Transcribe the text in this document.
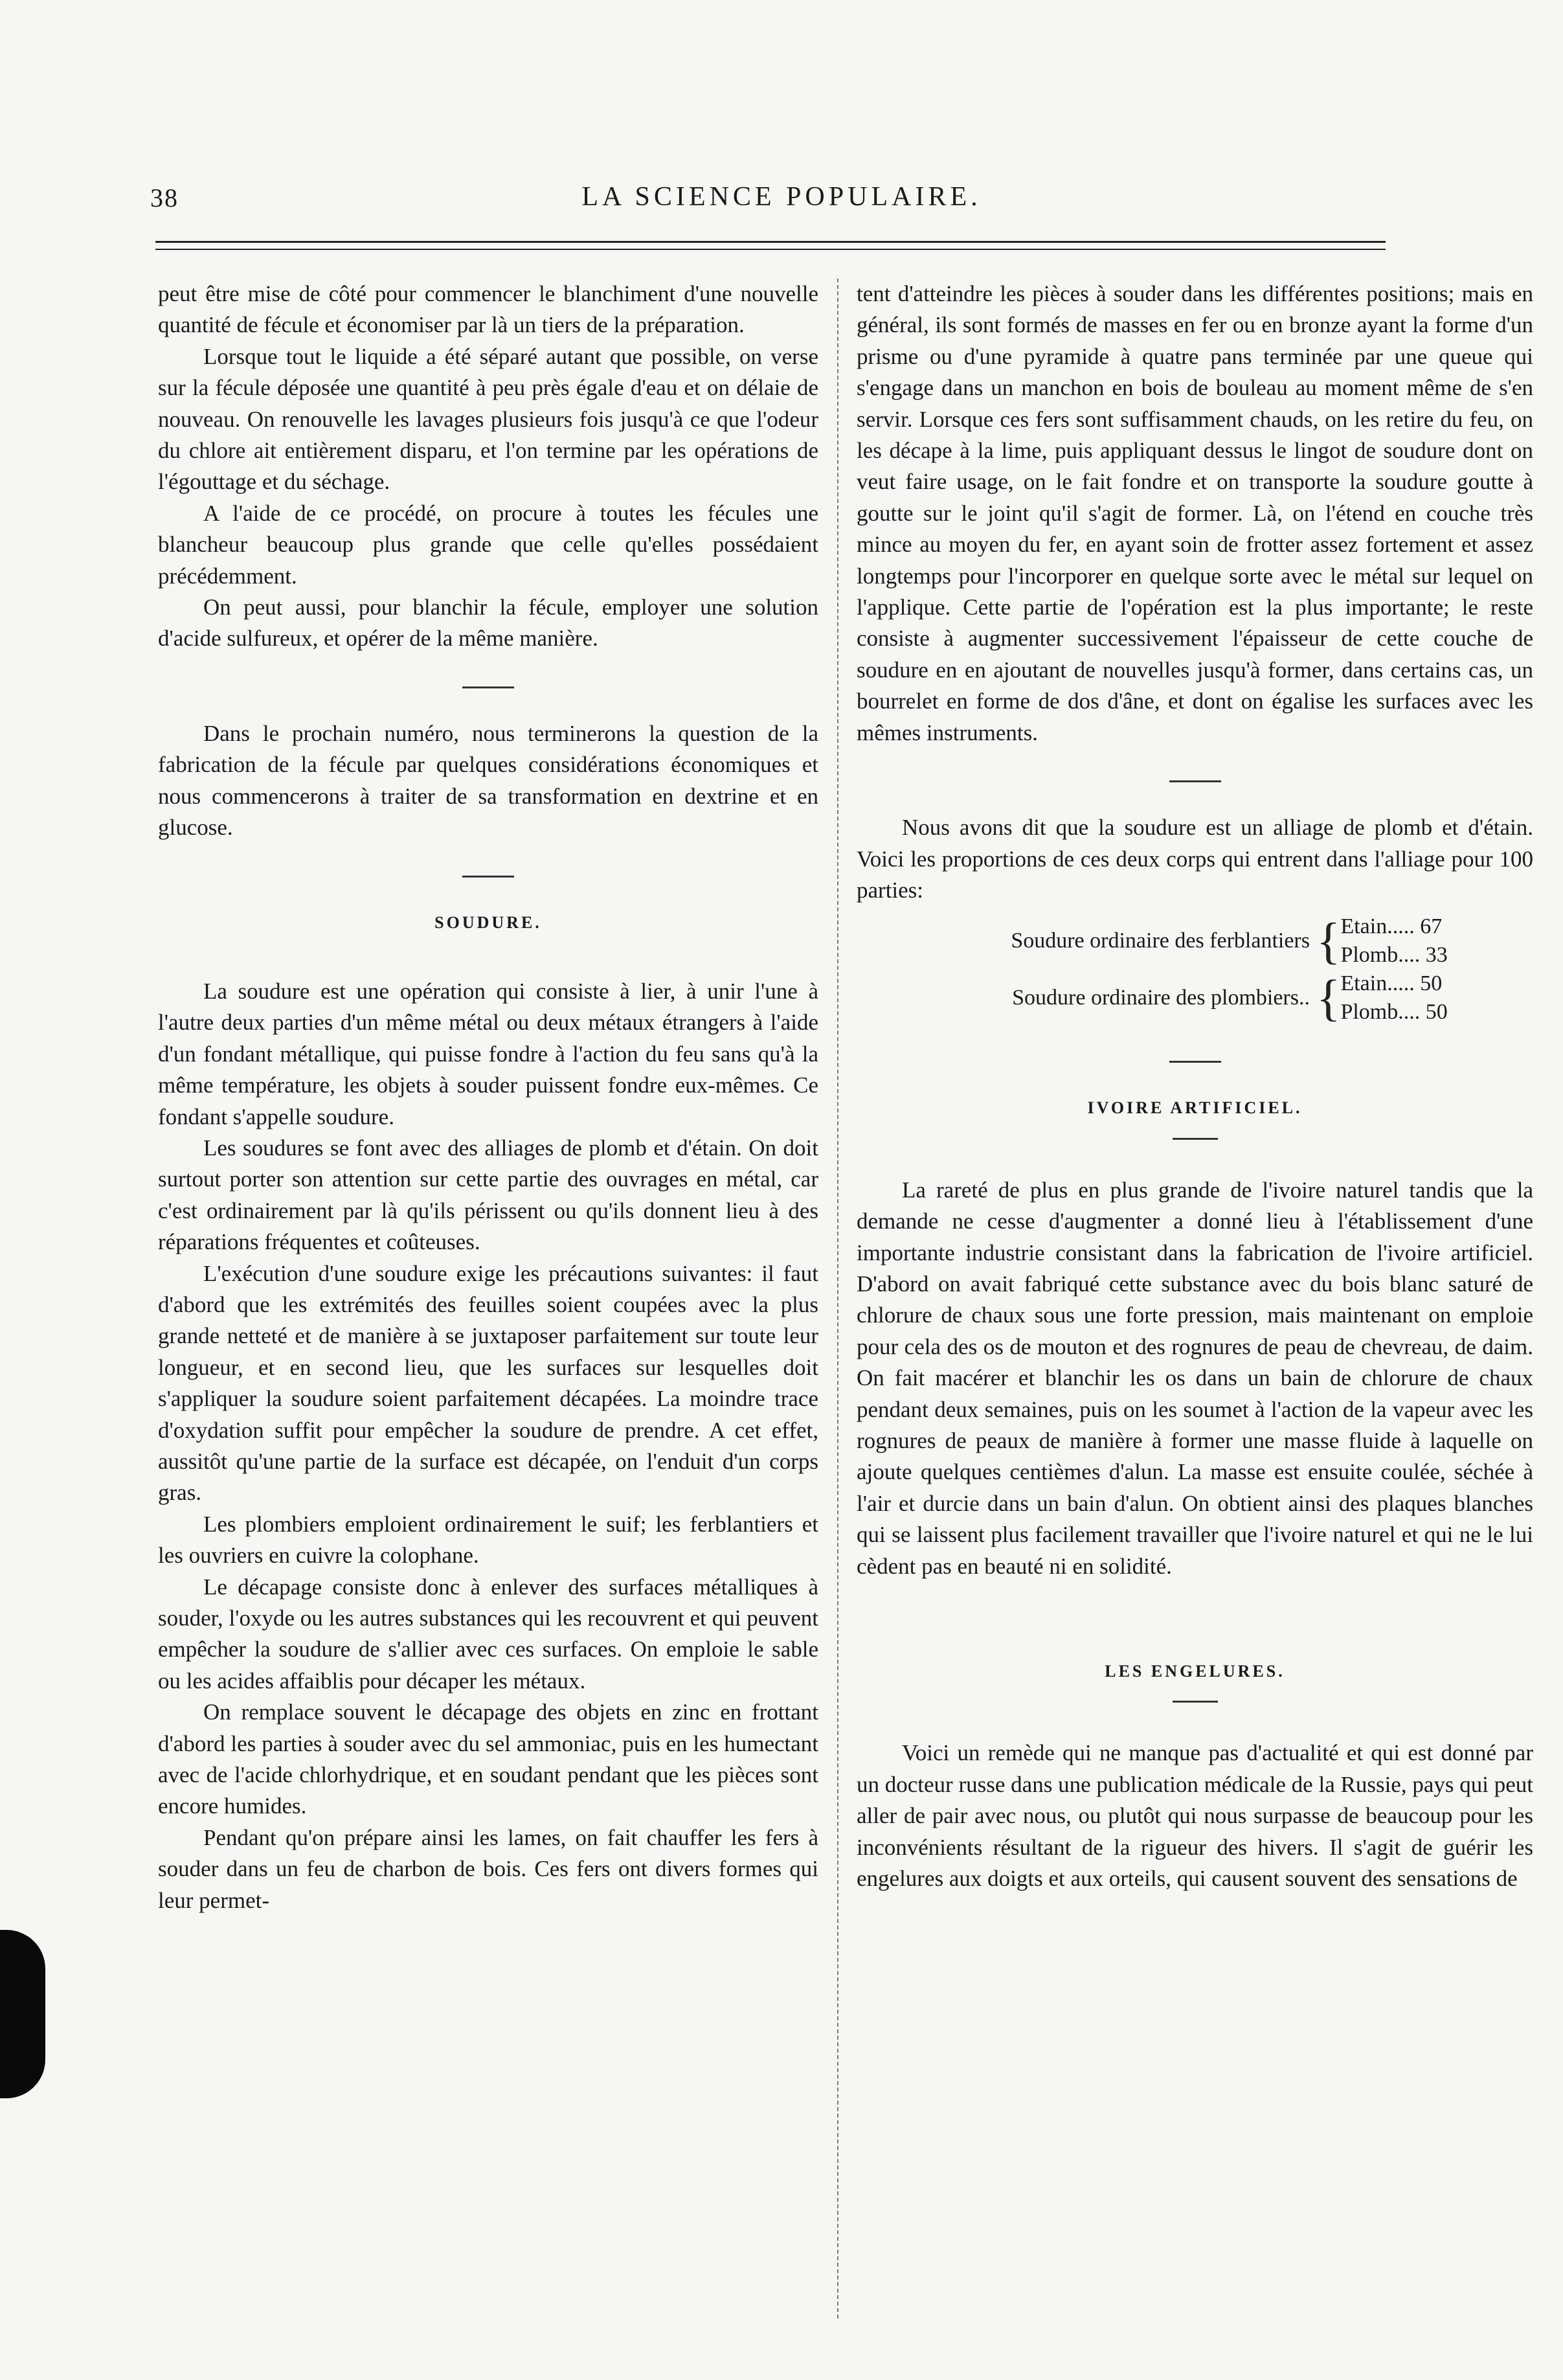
38	LA SCIENCE POPULAIRE.

peut être mise de côté pour commencer le blanchiment d'une nouvelle quantité de fécule et économiser par là un tiers de la préparation.

Lorsque tout le liquide a été séparé autant que possible, on verse sur la fécule déposée une quantité à peu près égale d'eau et on délaie de nouveau. On renouvelle les lavages plusieurs fois jusqu'à ce que l'odeur du chlore ait entièrement disparu, et l'on termine par les opérations de l'égouttage et du séchage.

A l'aide de ce procédé, on procure à toutes les fécules une blancheur beaucoup plus grande que celle qu'elles possédaient précédemment.

On peut aussi, pour blanchir la fécule, employer une solution d'acide sulfureux, et opérer de la même manière.

Dans le prochain numéro, nous terminerons la question de la fabrication de la fécule par quelques considérations économiques et nous commencerons à traiter de sa transformation en dextrine et en glucose.

SOUDURE.

La soudure est une opération qui consiste à lier, à unir l'une à l'autre deux parties d'un même métal ou deux métaux étrangers à l'aide d'un fondant métallique, qui puisse fondre à l'action du feu sans qu'à la même température, les objets à souder puissent fondre eux-mêmes. Ce fondant s'appelle soudure.

Les soudures se font avec des alliages de plomb et d'étain. On doit surtout porter son attention sur cette partie des ouvrages en métal, car c'est ordinairement par là qu'ils périssent ou qu'ils donnent lieu à des réparations fréquentes et coûteuses.

L'exécution d'une soudure exige les précautions suivantes: il faut d'abord que les extrémités des feuilles soient coupées avec la plus grande netteté et de manière à se juxtaposer parfaitement sur toute leur longueur, et en second lieu, que les surfaces sur lesquelles doit s'appliquer la soudure soient parfaitement décapées. La moindre trace d'oxydation suffit pour empêcher la soudure de prendre. A cet effet, aussitôt qu'une partie de la surface est décapée, on l'enduit d'un corps gras.

Les plombiers emploient ordinairement le suif; les ferblantiers et les ouvriers en cuivre la colophane.

Le décapage consiste donc à enlever des surfaces métalliques à souder, l'oxyde ou les autres substances qui les recouvrent et qui peuvent empêcher la soudure de s'allier avec ces surfaces. On emploie le sable ou les acides affaiblis pour décaper les métaux.

On remplace souvent le décapage des objets en zinc en frottant d'abord les parties à souder avec du sel ammoniac, puis en les humectant avec de l'acide chlorhydrique, et en soudant pendant que les pièces sont encore humides.

Pendant qu'on prépare ainsi les lames, on fait chauffer les fers à souder dans un feu de charbon de bois. Ces fers ont divers formes qui leur permet-

tent d'atteindre les pièces à souder dans les différentes positions; mais en général, ils sont formés de masses en fer ou en bronze ayant la forme d'un prisme ou d'une pyramide à quatre pans terminée par une queue qui s'engage dans un manchon en bois de bouleau au moment même de s'en servir. Lorsque ces fers sont suffisamment chauds, on les retire du feu, on les décape à la lime, puis appliquant dessus le lingot de soudure dont on veut faire usage, on le fait fondre et on transporte la soudure goutte à goutte sur le joint qu'il s'agit de former. Là, on l'étend en couche très mince au moyen du fer, en ayant soin de frotter assez fortement et assez longtemps pour l'incorporer en quelque sorte avec le métal sur lequel on l'applique. Cette partie de l'opération est la plus importante; le reste consiste à augmenter successivement l'épaisseur de cette couche de soudure en en ajoutant de nouvelles jusqu'à former, dans certains cas, un bourrelet en forme de dos d'âne, et dont on égalise les surfaces avec les mêmes instruments.

Nous avons dit que la soudure est un alliage de plomb et d'étain. Voici les proportions de ces deux corps qui entrent dans l'alliage pour 100 parties:

Soudure ordinaire des ferblantiers	{	Etain..... 67
Plomb.... 33

Soudure ordinaire des plombiers..	{	Etain..... 50
Plomb.... 50
IVOIRE ARTIFICIEL.

La rareté de plus en plus grande de l'ivoire naturel tandis que la demande ne cesse d'augmenter a donné lieu à l'établissement d'une importante industrie consistant dans la fabrication de l'ivoire artificiel. D'abord on avait fabriqué cette substance avec du bois blanc saturé de chlorure de chaux sous une forte pression, mais maintenant on emploie pour cela des os de mouton et des rognures de peau de chevreau, de daim. On fait macérer et blanchir les os dans un bain de chlorure de chaux pendant deux semaines, puis on les soumet à l'action de la vapeur avec les rognures de peaux de manière à former une masse fluide à laquelle on ajoute quelques centièmes d'alun. La masse est ensuite coulée, séchée à l'air et durcie dans un bain d'alun. On obtient ainsi des plaques blanches qui se laissent plus facilement travailler que l'ivoire naturel et qui ne le lui cèdent pas en beauté ni en solidité.

LES ENGELURES.

Voici un remède qui ne manque pas d'actualité et qui est donné par un docteur russe dans une publication médicale de la Russie, pays qui peut aller de pair avec nous, ou plutôt qui nous surpasse de beaucoup pour les inconvénients résultant de la rigueur des hivers. Il s'agit de guérir les engelures aux doigts et aux orteils, qui causent souvent des sensations de
